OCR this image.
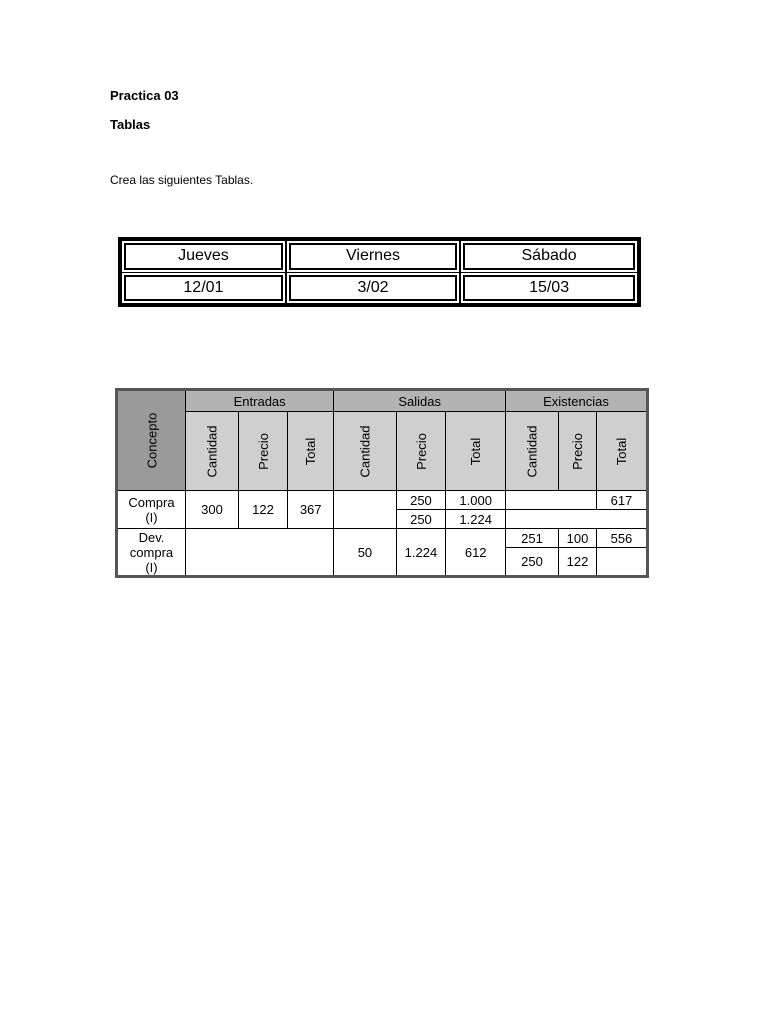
Practica 03
Tablas
Crea las siguientes Tablas.
Jueves	Viernes	Sábado
12/01	3/02	15/03
Concepto	Entradas			Salidas			Existencias		
	Cantidad	Precio	Total	Cantidad	Precio	Total	Cantidad	Precio	Total

Compra
(I)	300	122	367		250	1.000			617
					250	1.224			

Dev.
compra
(I)				50	1.224	612	251	100	556
							250	122	
